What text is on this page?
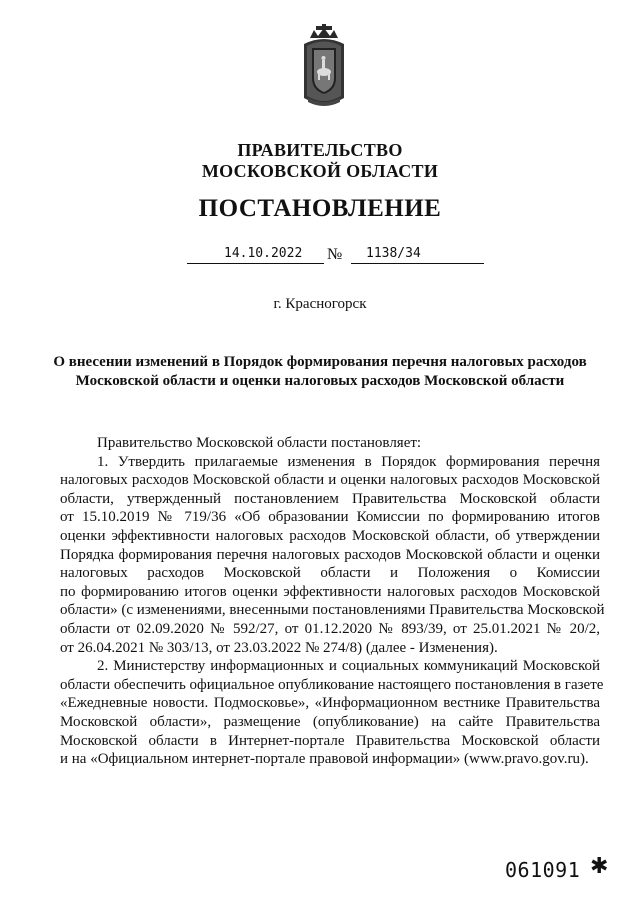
ПРАВИТЕЛЬСТВО
МОСКОВСКОЙ ОБЛАСТИ
ПОСТАНОВЛЕНИЕ
14.10.2022 № 1138/34
г. Красногорск
О внесении изменений в Порядок формирования перечня налоговых расходов
Московской области и оценки налоговых расходов Московской области
Правительство Московской области постановляет:
1. Утвердить прилагаемые изменения в Порядок формирования перечня
налоговых расходов Московской области и оценки налоговых расходов Московской
области, утвержденный постановлением Правительства Московской области
от 15.10.2019 № 719/36 «Об образовании Комиссии по формированию итогов
оценки эффективности налоговых расходов Московской области, об утверждении
Порядка формирования перечня налоговых расходов Московской области и оценки
налоговых расходов Московской области и Положения о Комиссии
по формированию итогов оценки эффективности налоговых расходов Московской
области» (с изменениями, внесенными постановлениями Правительства Московской
области от 02.09.2020 № 592/27, от 01.12.2020 № 893/39, от 25.01.2021 № 20/2,
от 26.04.2021 № 303/13, от 23.03.2022 № 274/8) (далее - Изменения).
2. Министерству информационных и социальных коммуникаций Московской
области обеспечить официальное опубликование настоящего постановления в газете
«Ежедневные новости. Подмосковье», «Информационном вестнике Правительства
Московской области», размещение (опубликование) на сайте Правительства
Московской области в Интернет-портале Правительства Московской области
и на «Официальном интернет-портале правовой информации» (www.pravo.gov.ru).
061091 ✱
